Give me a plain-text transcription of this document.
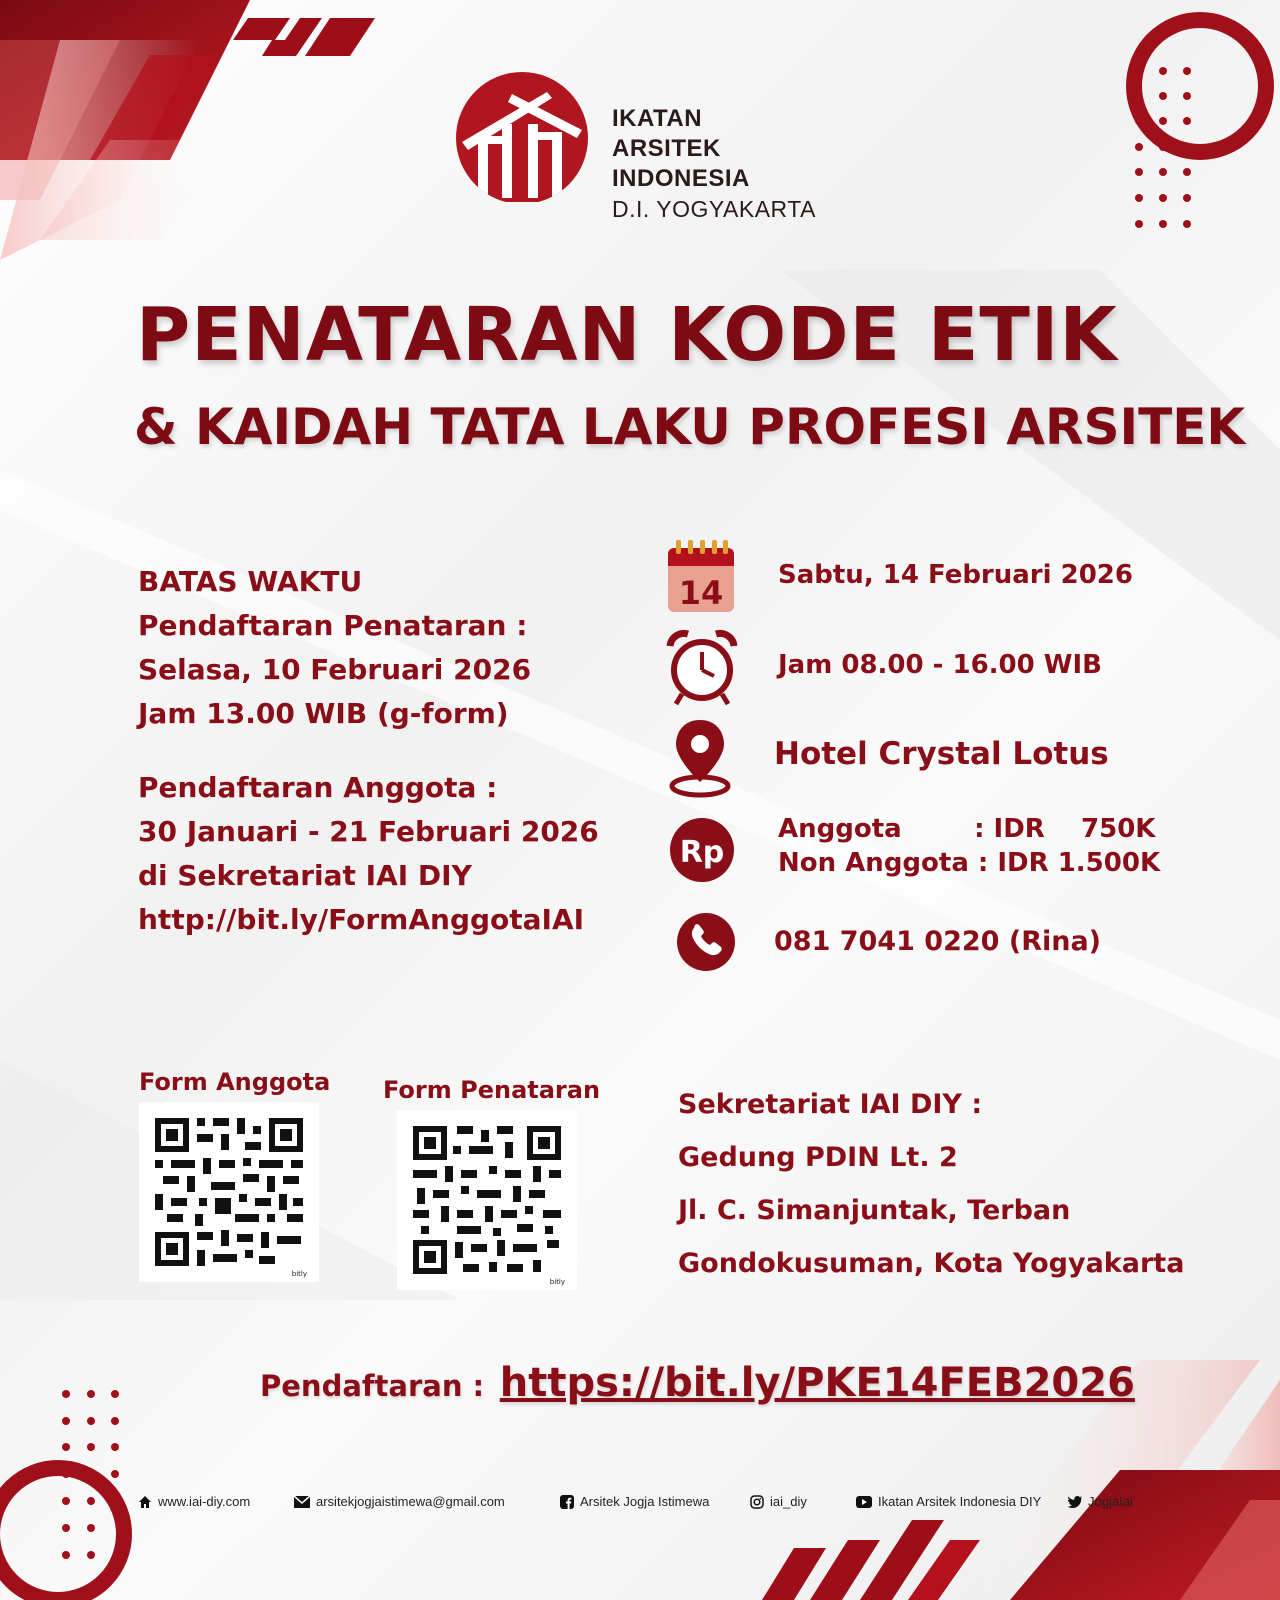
IKATAN
ARSITEK
INDONESIA
D.I. YOGYAKARTA
PENATARAN KODE ETIK
& KAIDAH TATA LAKU PROFESI ARSITEK
BATAS WAKTU
Pendaftaran Penataran :
Selasa, 10 Februari 2026
Jam 13.00 WIB (g-form)
Pendaftaran Anggota :
30 Januari - 21 Februari 2026
di Sekretariat IAI DIY
http://bit.ly/FormAnggotaIAI
14 Sabtu, 14 Februari 2026
Jam 08.00 - 16.00 WIB
Hotel Crystal Lotus
Rp
Anggota        : IDR    750K
Non Anggota : IDR 1.500K
081 7041 0220 (Rina)
Form Anggota
bitly
Form Penataran
bitly
Sekretariat IAI DIY :
Gedung PDIN Lt. 2
Jl. C. Simanjuntak, Terban
Gondokusuman, Kota Yogyakarta
Pendaftaran : https://bit.ly/PKE14FEB2026
www.iai-diy.com	arsitekjogjaistimewa@gmail.com	Arsitek Jogja Istimewa	iai_diy	Ikatan Arsitek Indonesia DIY	JogjaIai
